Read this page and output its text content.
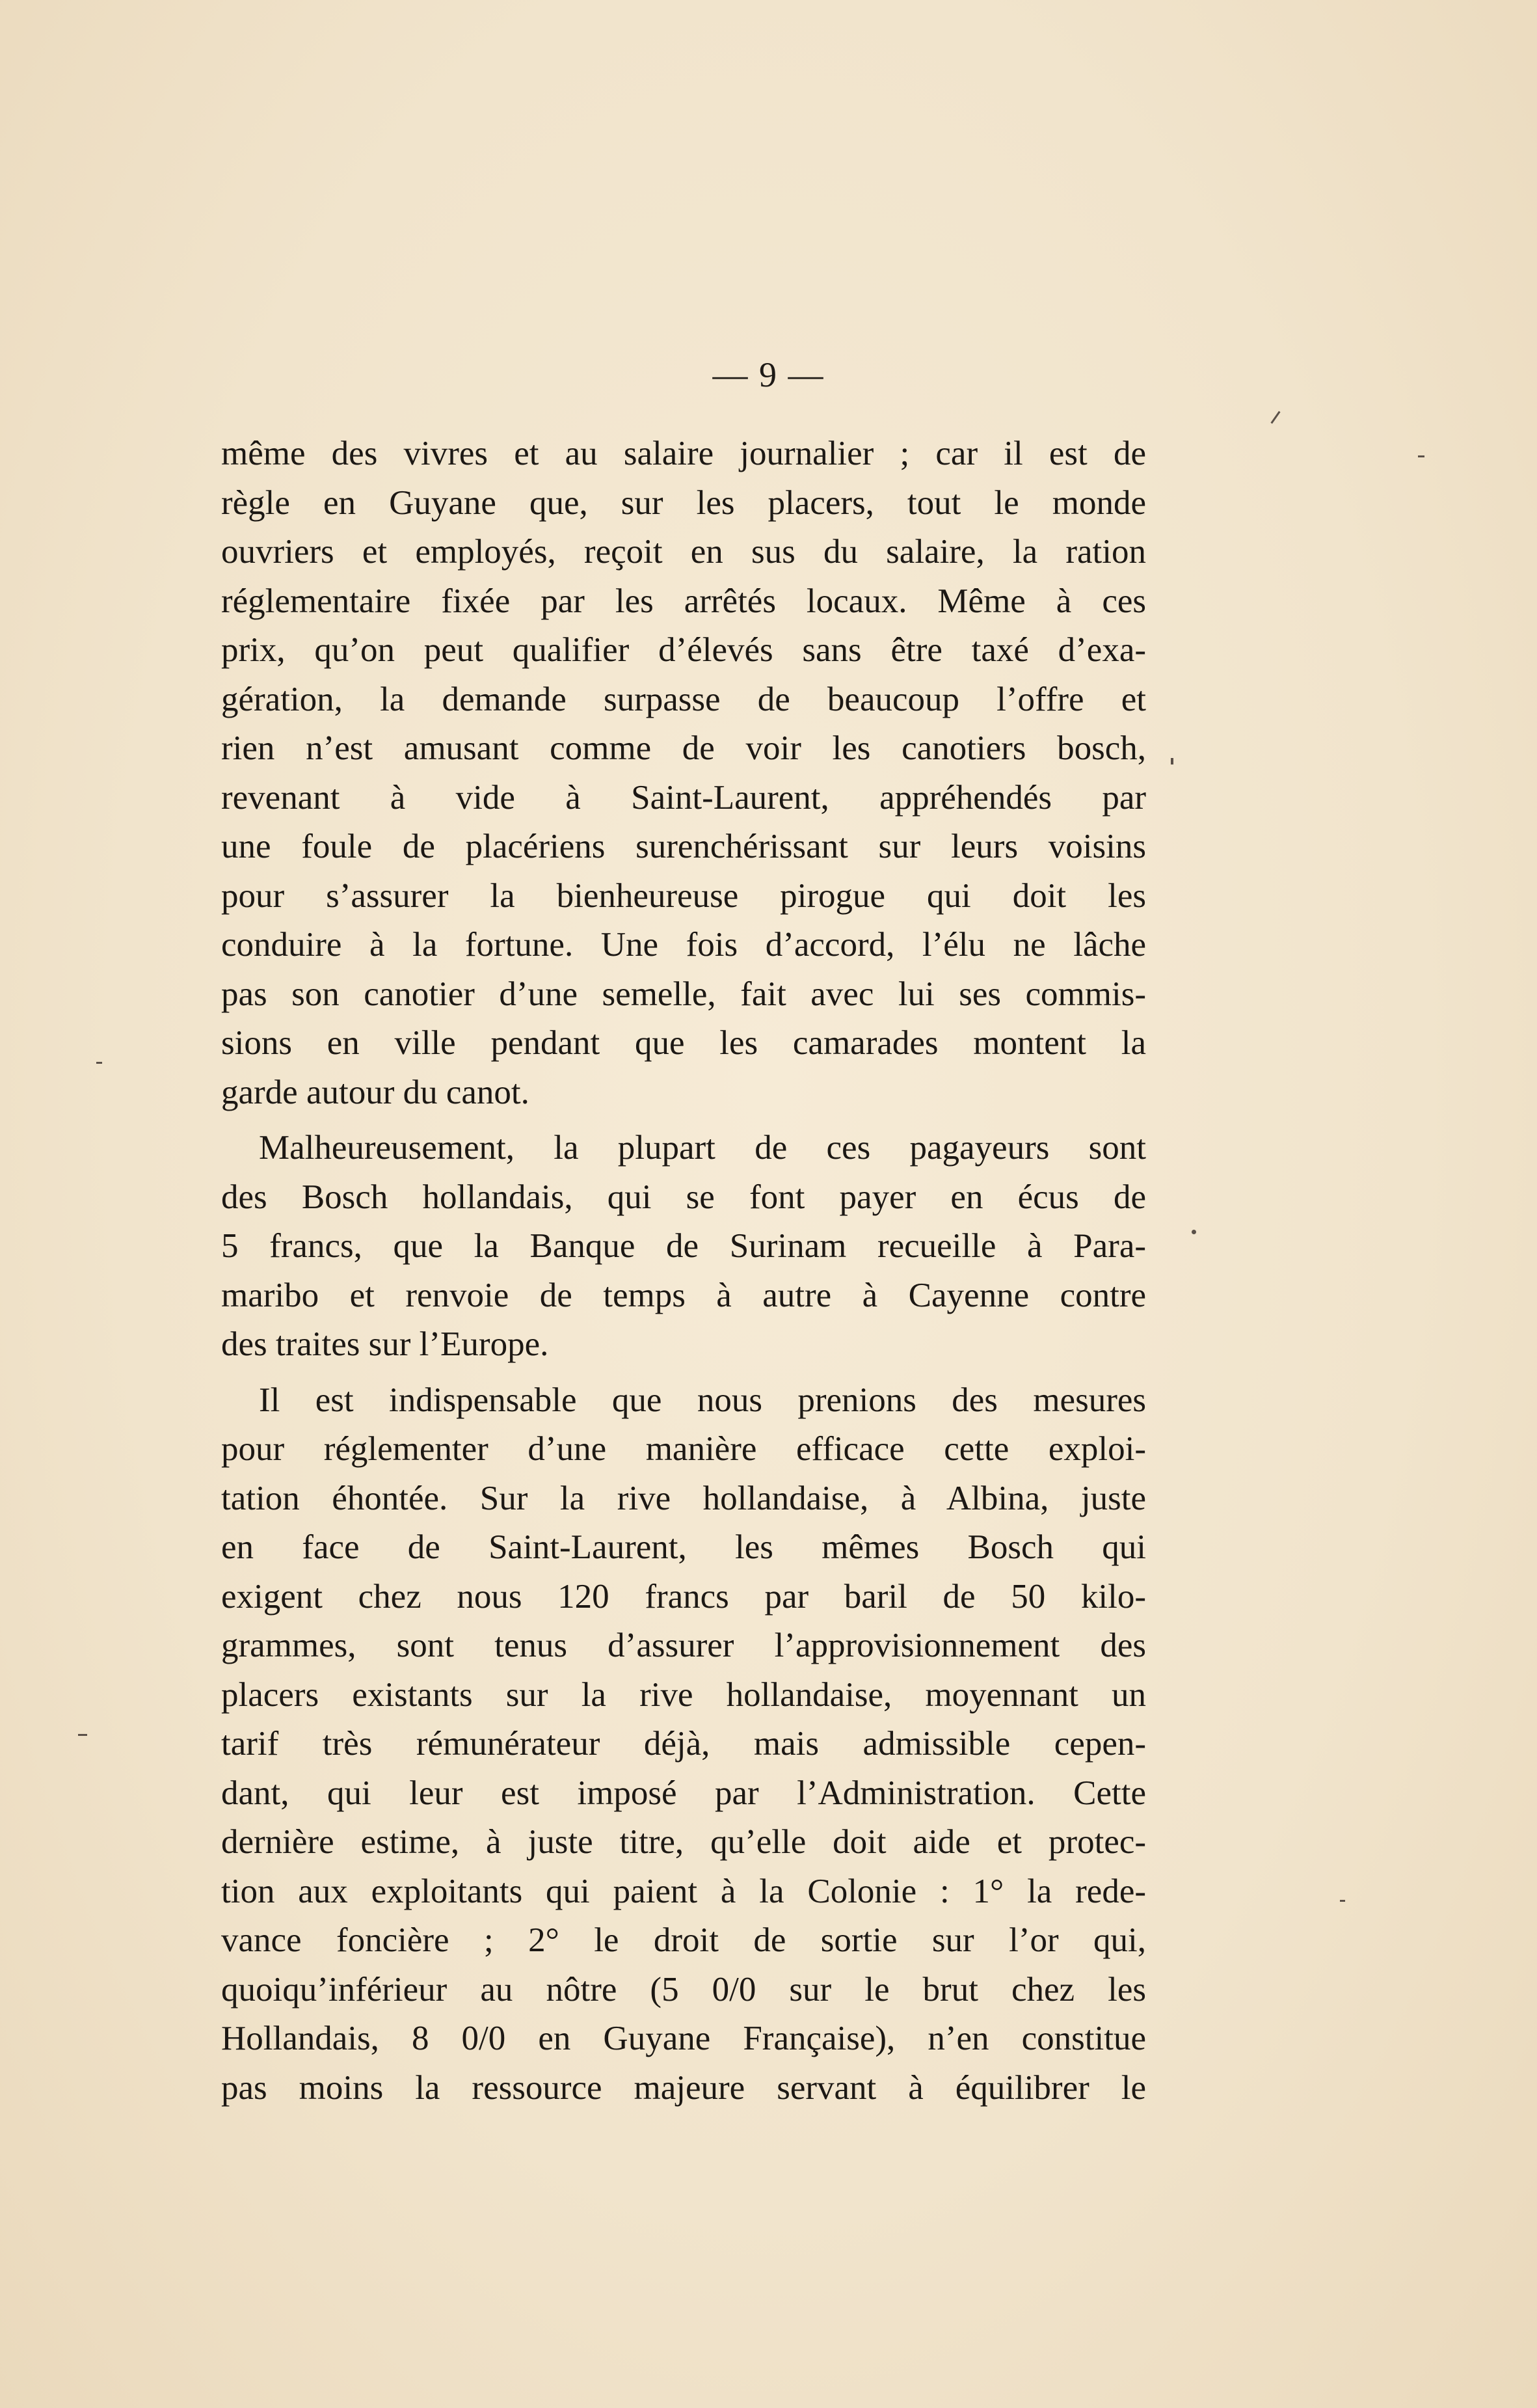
— 9 —
même des vivres et au salaire journalier ; car il est de
règle en Guyane que, sur les placers, tout le monde
ouvriers et employés, reçoit en sus du salaire, la ration
réglementaire fixée par les arrêtés locaux. Même à ces
prix, qu’on peut qualifier d’élevés sans être taxé d’exa-
gération, la demande surpasse de beaucoup l’offre et
rien n’est amusant comme de voir les canotiers bosch,
revenant à vide à Saint-Laurent, appréhendés par
une foule de placériens surenchérissant sur leurs voisins
pour s’assurer la bienheureuse pirogue qui doit les
conduire à la fortune. Une fois d’accord, l’élu ne lâche
pas son canotier d’une semelle, fait avec lui ses commis-
sions en ville pendant que les camarades montent la
garde autour du canot.
Malheureusement, la plupart de ces pagayeurs sont
des Bosch hollandais, qui se font payer en écus de
5 francs, que la Banque de Surinam recueille à Para-
maribo et renvoie de temps à autre à Cayenne contre
des traites sur l’Europe.
Il est indispensable que nous prenions des mesures
pour réglementer d’une manière efficace cette exploi-
tation éhontée. Sur la rive hollandaise, à Albina, juste
en face de Saint-Laurent, les mêmes Bosch qui
exigent chez nous 120 francs par baril de 50 kilo-
grammes, sont tenus d’assurer l’approvisionnement des
placers existants sur la rive hollandaise, moyennant un
tarif très rémunérateur déjà, mais admissible cepen-
dant, qui leur est imposé par l’Administration. Cette
dernière estime, à juste titre, qu’elle doit aide et protec-
tion aux exploitants qui paient à la Colonie : 1° la rede-
vance foncière ; 2° le droit de sortie sur l’or qui,
quoiqu’inférieur au nôtre (5 0/0 sur le brut chez les
Hollandais, 8 0/0 en Guyane Française), n’en constitue
pas moins la ressource majeure servant à équilibrer le
